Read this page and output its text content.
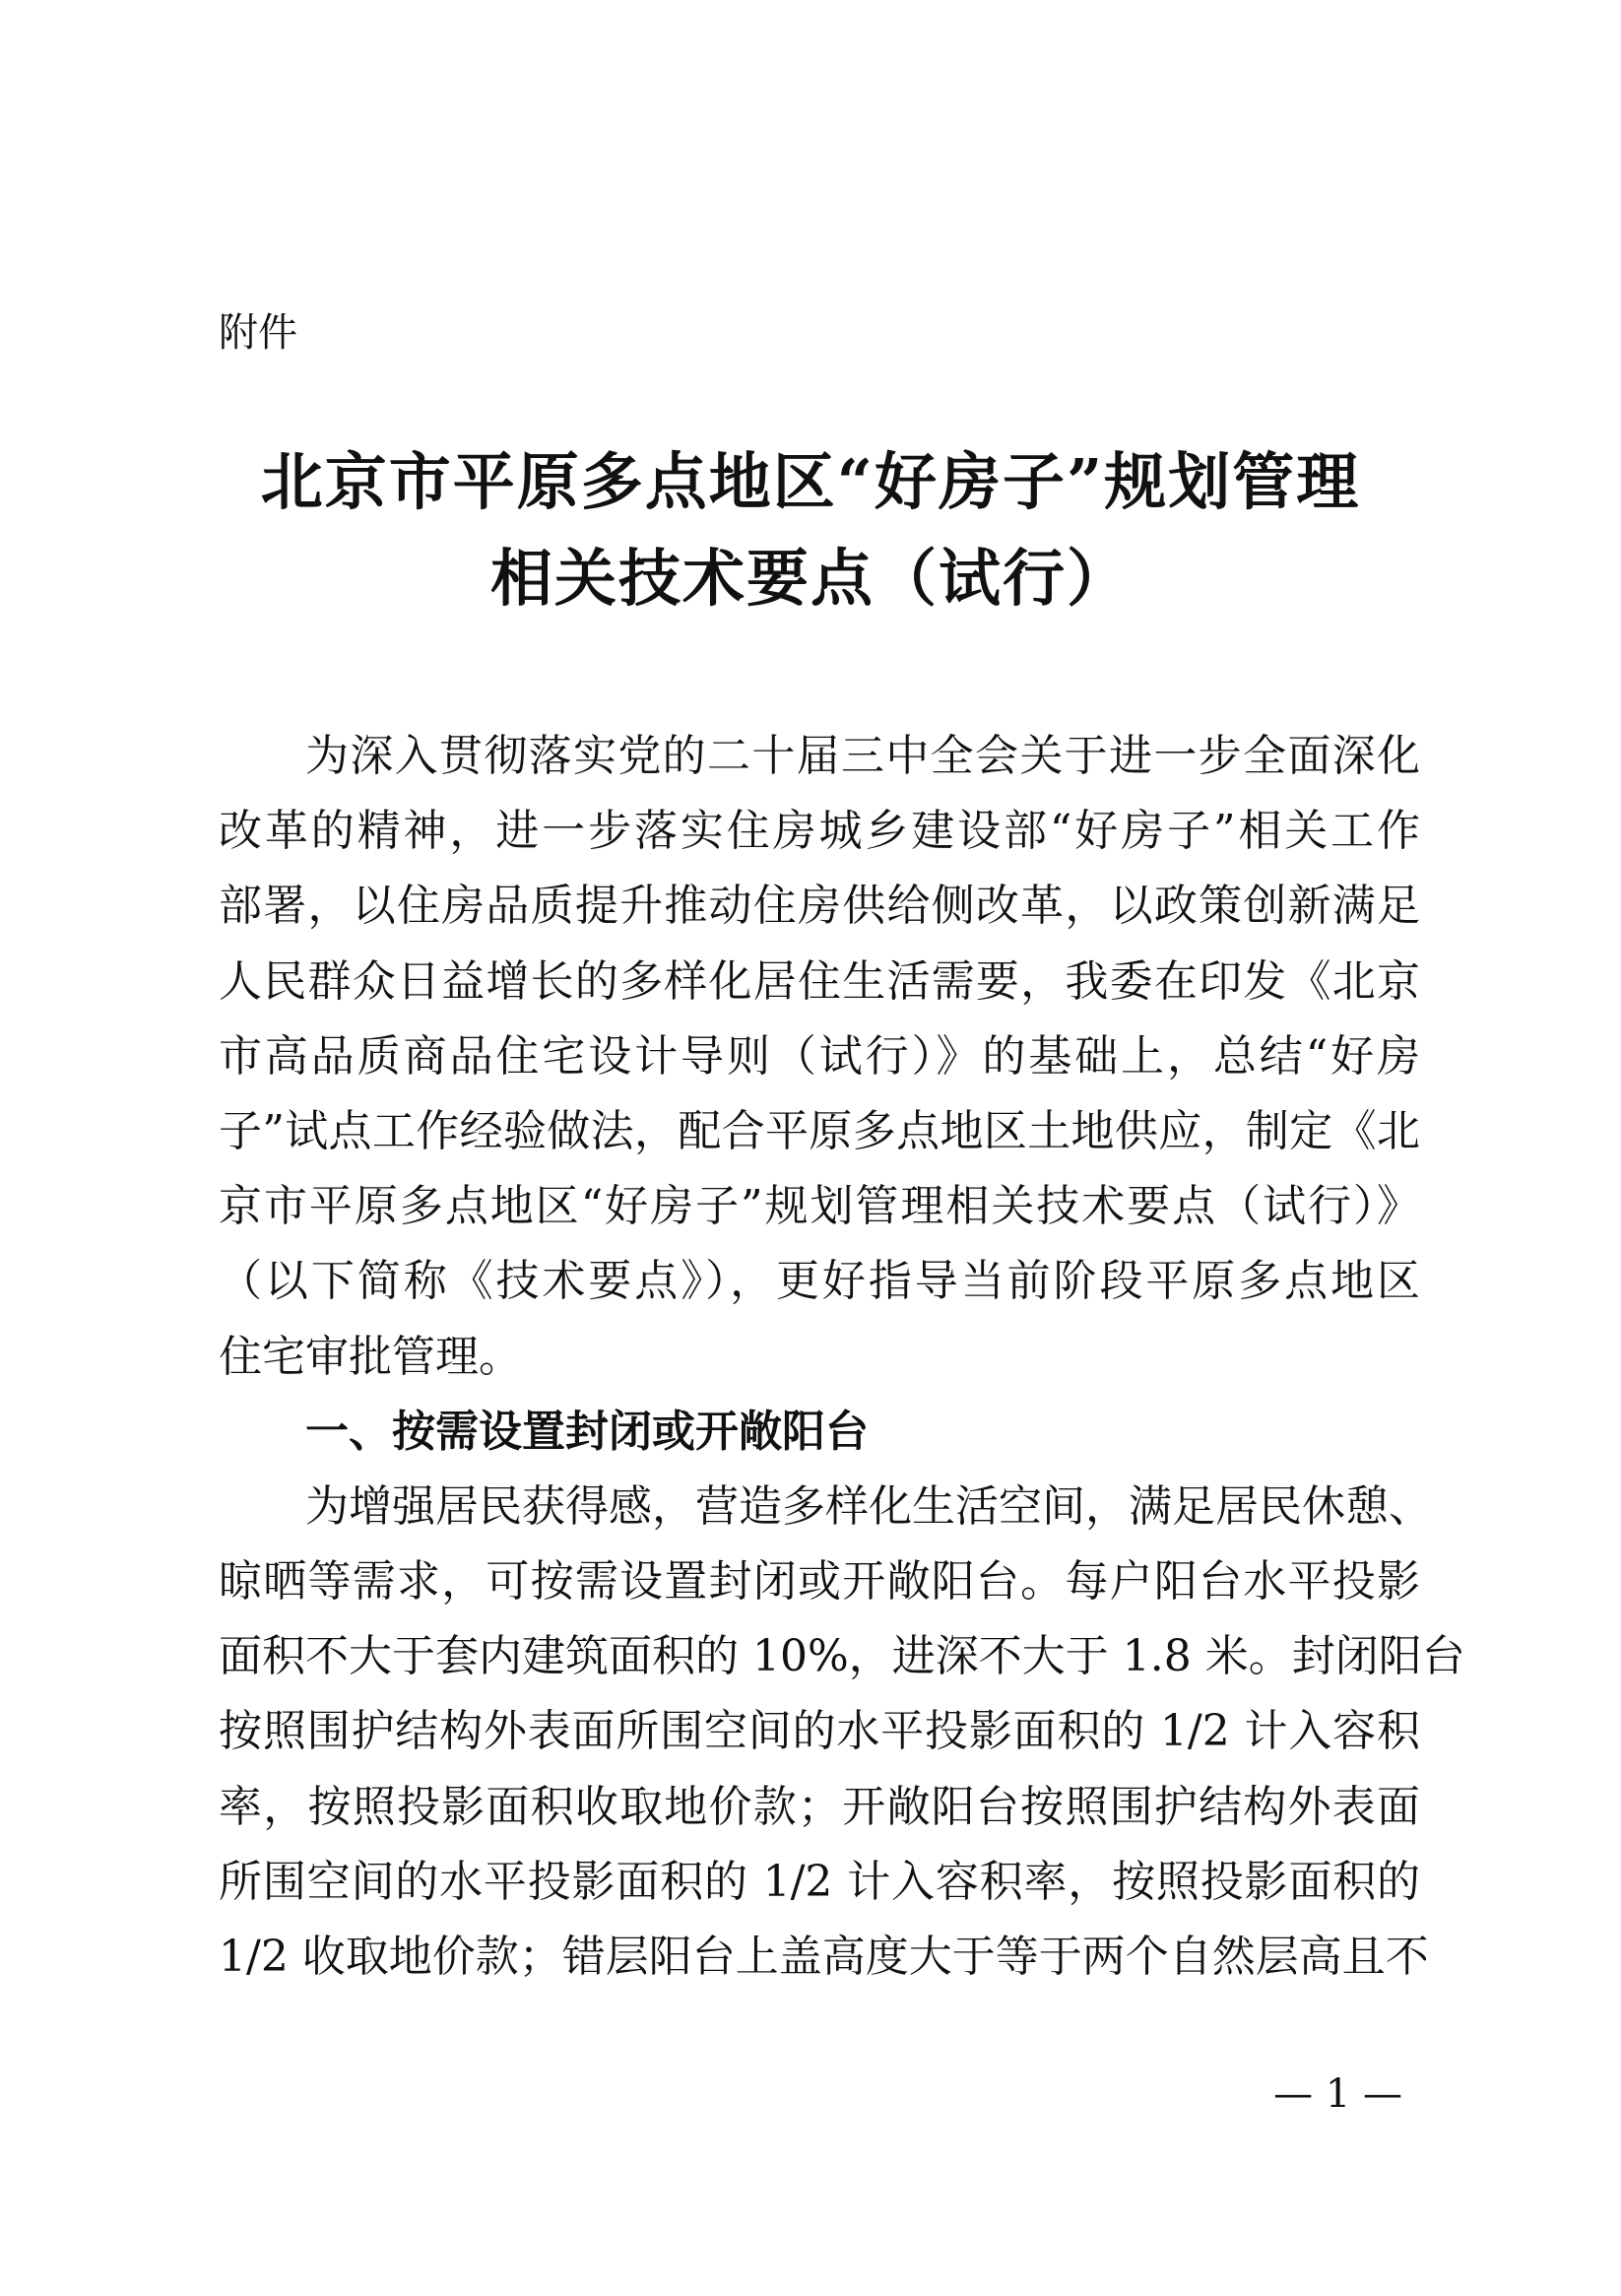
附件
北京市平原多点地区“好房子”规划管理
相关技术要点（试行）
为深入贯彻落实党的二十届三中全会关于进一步全面深化
改革的精神，进一步落实住房城乡建设部“好房子”相关工作
部署，以住房品质提升推动住房供给侧改革，以政策创新满足
人民群众日益增长的多样化居住生活需要，我委在印发《北京
市高品质商品住宅设计导则（试行）》的基础上，总结“好房
子”试点工作经验做法，配合平原多点地区土地供应，制定《北
京市平原多点地区“好房子”规划管理相关技术要点（试行）》
（以下简称《技术要点》），更好指导当前阶段平原多点地区
住宅审批管理。
一、按需设置封闭或开敞阳台
为增强居民获得感，营造多样化生活空间，满足居民休憩、
晾晒等需求，可按需设置封闭或开敞阳台。每户阳台水平投影
面积不大于套内建筑面积的 10%，进深不大于 1.8 米。封闭阳台
按照围护结构外表面所围空间的水平投影面积的 1/2 计入容积
率，按照投影面积收取地价款；开敞阳台按照围护结构外表面
所围空间的水平投影面积的 1/2 计入容积率，按照投影面积的
1/2 收取地价款；错层阳台上盖高度大于等于两个自然层高且不
— 1 —
